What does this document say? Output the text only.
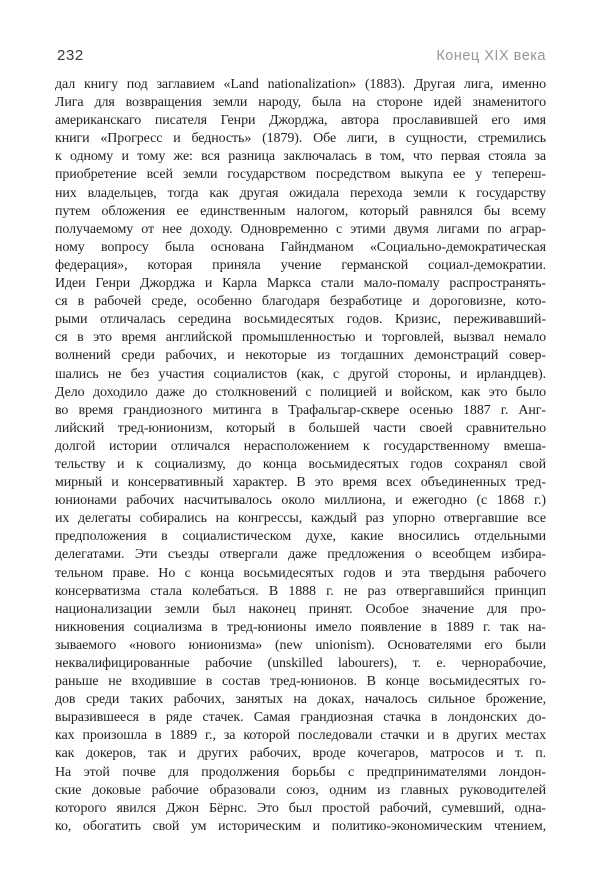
232	Конец XIX века
дал книгу под заглавием «Land nationalization» (1883). Другая лига, именно
Лига для возвращения земли народу, была на стороне идей знаменитого
американскаго писателя Генри Джорджа, автора прославившей его имя
книги «Прогресс и бедность» (1879). Обе лиги, в сущности, стремились
к одному и тому же: вся разница заключалась в том, что первая стояла за
приобретение всей земли государством посредством выкупа ее у тепереш-
них владельцев, тогда как другая ожидала перехода земли к государству
путем обложения ее единственным налогом, который равнялся бы всему
получаемому от нее доходу. Одновременно с этими двумя лигами по аграр-
ному вопросу была основана Гайндманом «Социально-демократическая
федерация», которая приняла учение германской социал-демократии.
Идеи Генри Джорджа и Карла Маркса стали мало-помалу распространять-
ся в рабочей среде, особенно благодаря безработице и дороговизне, кото-
рыми отличалась середина восьмидесятых годов. Кризис, переживавший-
ся в это время английской промышленностью и торговлей, вызвал немало
волнений среди рабочих, и некоторые из тогдашних демонстраций совер-
шались не без участия социалистов (как, с другой стороны, и ирландцев).
Дело доходило даже до столкновений с полицией и войском, как это было
во время грандиозного митинга в Трафальгар-сквере осенью 1887 г. Анг-
лийский тред-юнионизм, который в большей части своей сравнительно
долгой истории отличался нерасположением к государственному вмеша-
тельству и к социализму, до конца восьмидесятых годов сохранял свой
мирный и консервативный характер. В это время всех объединенных тред-
юнионами рабочих насчитывалось около миллиона, и ежегодно (с 1868 г.)
их делегаты собирались на конгрессы, каждый раз упорно отвергавшие все
предположения в социалистическом духе, какие вносились отдельными
делегатами. Эти съезды отвергали даже предложения о всеобщем избира-
тельном праве. Но с конца восьмидесятых годов и эта твердыня рабочего
консерватизма стала колебаться. В 1888 г. не раз отвергавшийся принцип
национализации земли был наконец принят. Особое значение для про-
никновения социализма в тред-юнионы имело появление в 1889 г. так на-
зываемого «нового юнионизма» (new unionism). Основателями его были
неквалифицированные рабочие (unskilled labourers), т. е. чернорабочие,
раньше не входившие в состав тред-юнионов. В конце восьмидесятых го-
дов среди таких рабочих, занятых на доках, началось сильное брожение,
выразившееся в ряде стачек. Самая грандиозная стачка в лондонских до-
ках произошла в 1889 г., за которой последовали стачки и в других местах
как докеров, так и других рабочих, вроде кочегаров, матросов и т. п.
На этой почве для продолжения борьбы с предпринимателями лондон-
ские доковые рабочие образовали союз, одним из главных руководителей
которого явился Джон Бёрнс. Это был простой рабочий, сумевший, одна-
ко, обогатить свой ум историческим и политико-экономическим чтением,
